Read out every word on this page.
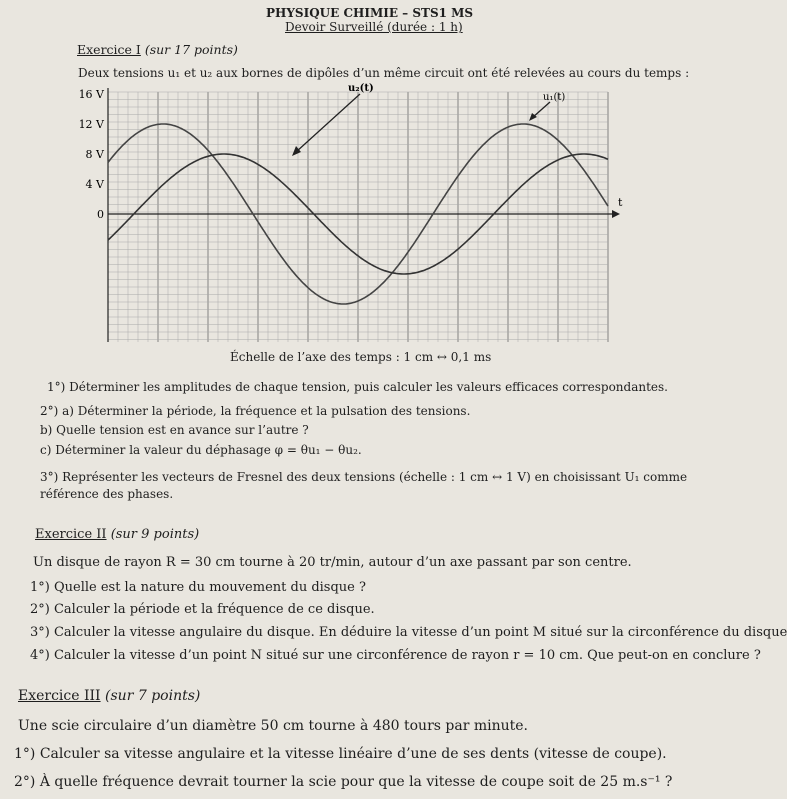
PHYSIQUE CHIMIE – STS1 MS
Devoir Surveillé (durée : 1 h)
Exercice I (sur 17 points)
Deux tensions u₁ et u₂ aux bornes de dipôles d’un même circuit ont été relevées au cours du temps :
16 V
12 V
8 V
4 V
0
t
u₂(t)
u₁(t)
Échelle de l’axe des temps : 1 cm ↔ 0,1 ms
1°) Déterminer les amplitudes de chaque tension, puis calculer les valeurs efficaces correspondantes.
2°) a) Déterminer la période, la fréquence et la pulsation des tensions.
b) Quelle tension est en avance sur l’autre ?
c) Déterminer la valeur du déphasage φ = θu₁ − θu₂.
3°) Représenter les vecteurs de Fresnel des deux tensions (échelle : 1 cm ↔ 1 V) en choisissant U₁ comme
référence des phases.
Exercice II (sur 9 points)
Un disque de rayon R = 30 cm tourne à 20 tr/min, autour d’un axe passant par son centre.
1°) Quelle est la nature du mouvement du disque ?
2°) Calculer la période et la fréquence de ce disque.
3°) Calculer la vitesse angulaire du disque. En déduire la vitesse d’un point M situé sur la circonférence du disque
4°) Calculer la vitesse d’un point N situé sur une circonférence de rayon r = 10 cm. Que peut-on en conclure ?
Exercice III (sur 7 points)
Une scie circulaire d’un diamètre 50 cm tourne à 480 tours par minute.
1°) Calculer sa vitesse angulaire et la vitesse linéaire d’une de ses dents (vitesse de coupe).
2°) À quelle fréquence devrait tourner la scie pour que la vitesse de coupe soit de 25 m.s⁻¹ ?
